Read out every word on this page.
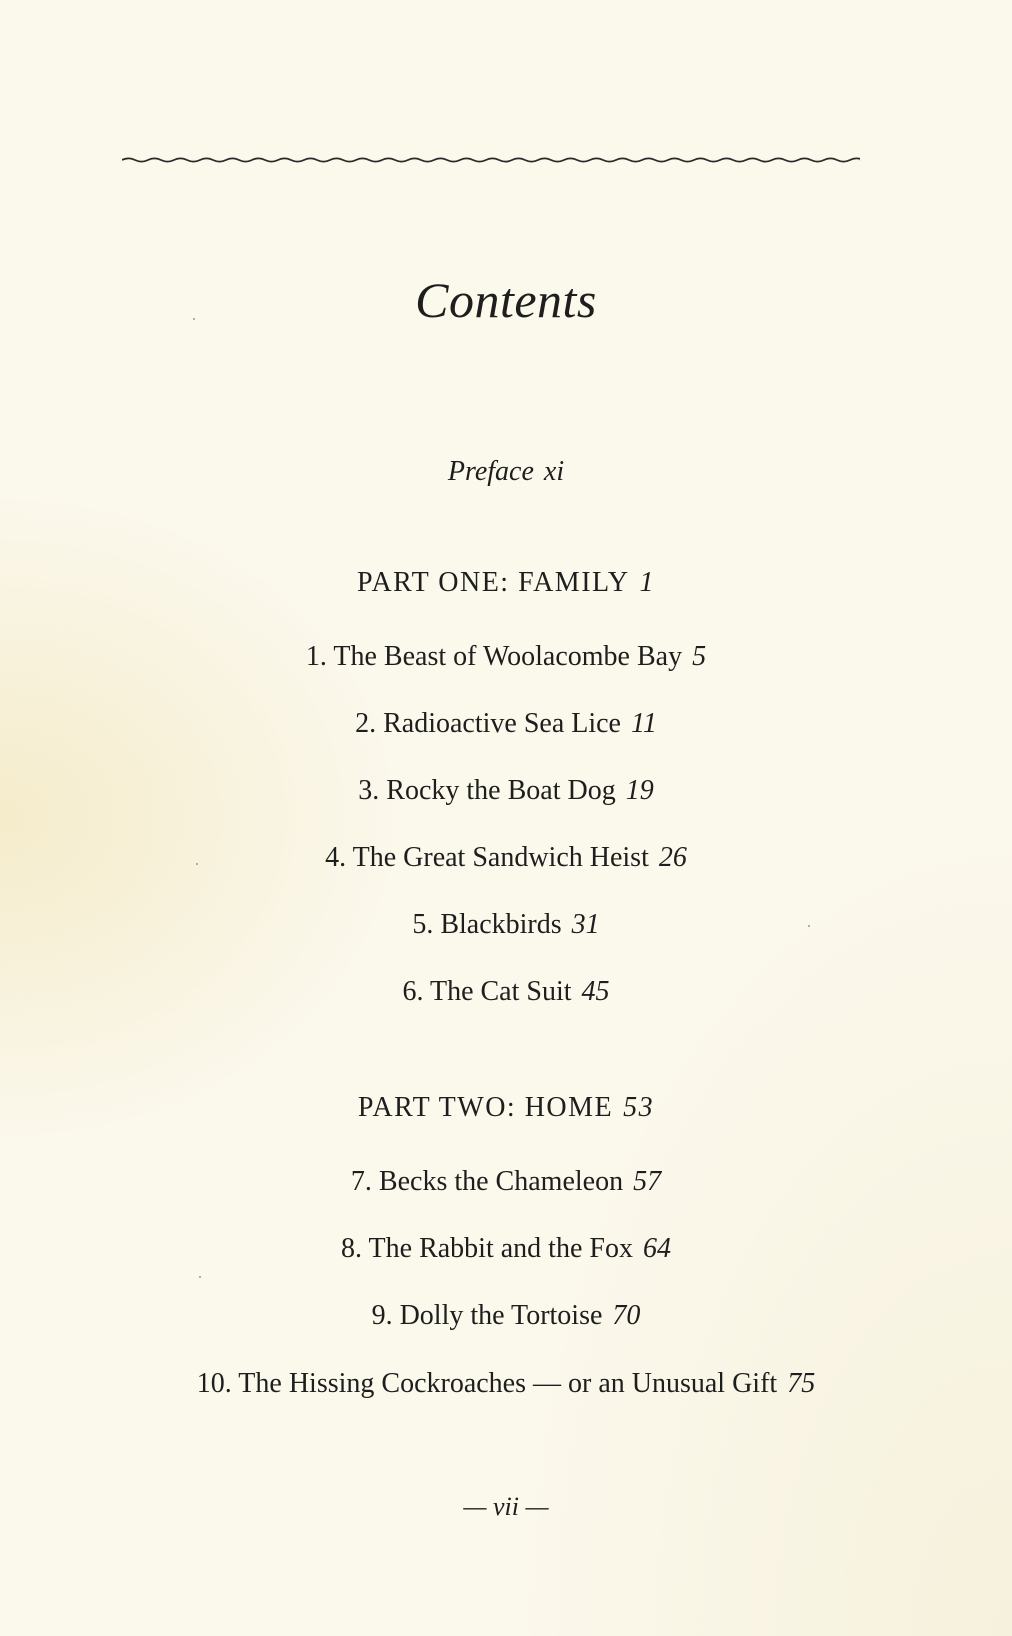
Contents
Preface xi
PART ONE: FAMILY 1
1. The Beast of Woolacombe Bay 5
2. Radioactive Sea Lice 11
3. Rocky the Boat Dog 19
4. The Great Sandwich Heist 26
5. Blackbirds 31
6. The Cat Suit 45
PART TWO: HOME 53
7. Becks the Chameleon 57
8. The Rabbit and the Fox 64
9. Dolly the Tortoise 70
10. The Hissing Cockroaches — or an Unusual Gift 75
— vii —
